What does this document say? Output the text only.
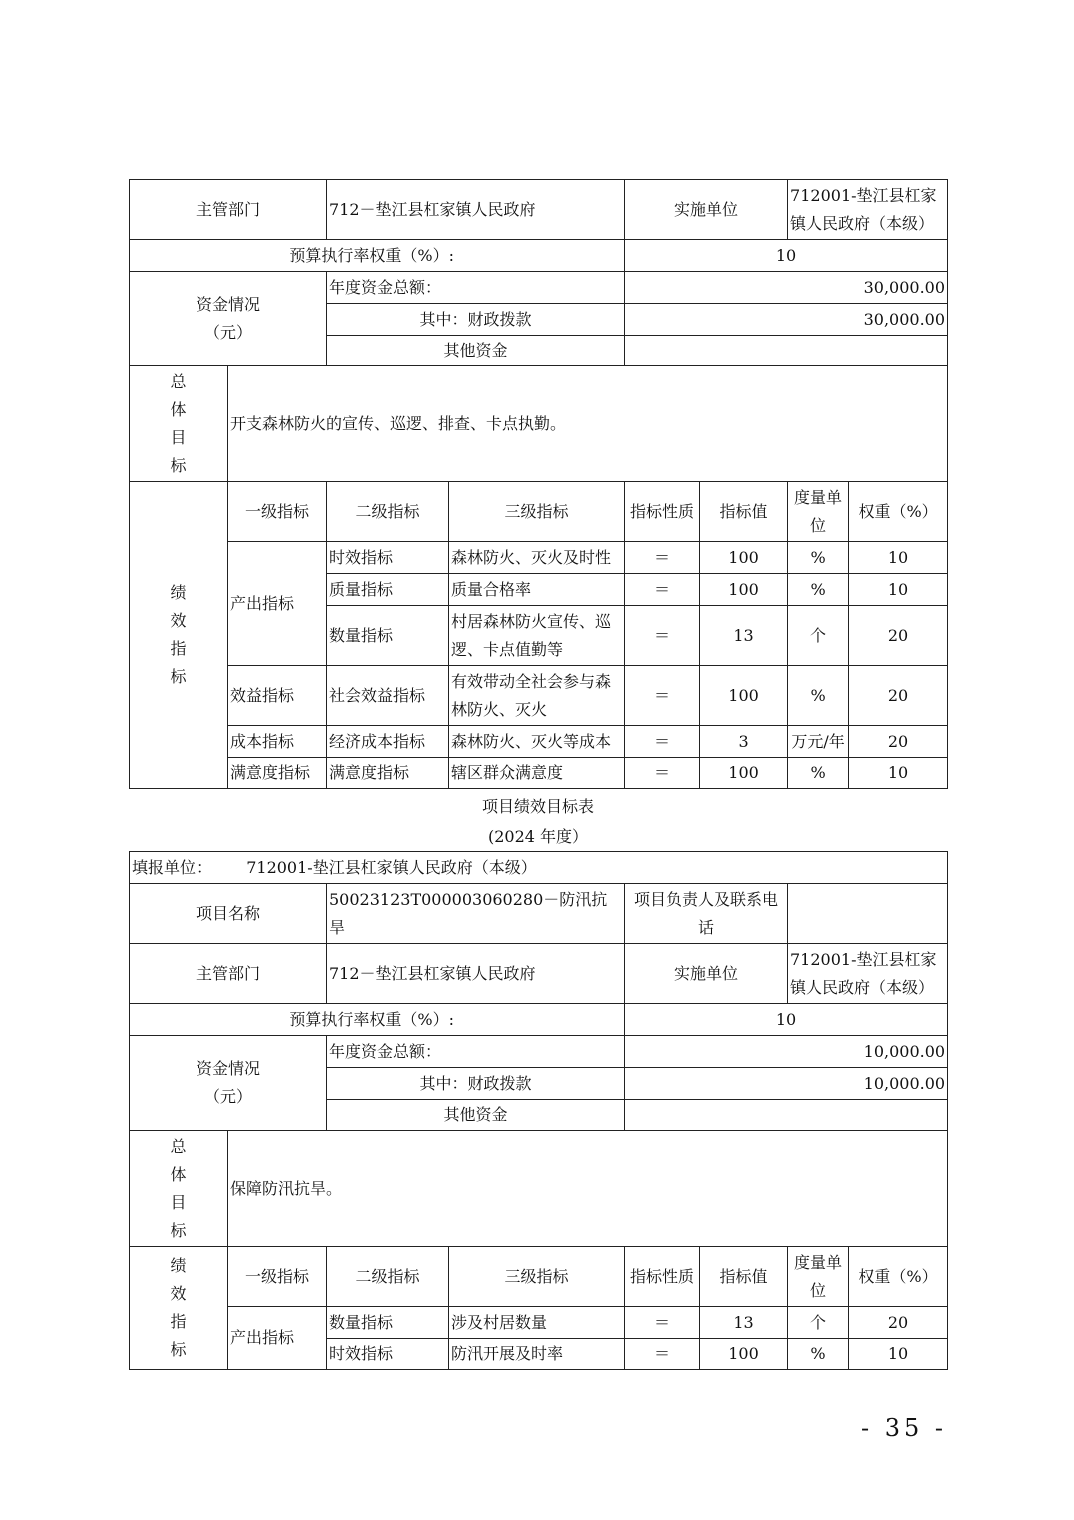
主管部门		712－垫江县杠家镇人民政府		实施单位		712001-垫江县杠家镇人民政府（本级）	
预算执行率权重（%）:				10			

资金情况
（元）		年度资金总额：		30,000.00			
		其中：财政拨款		30,000.00			
		其他资金					

总
体
目
标	开支森林防火的宣传、巡逻、排查、卡点执勤。						

绩
效
指
标	一级指标	二级指标	三级指标	指标性质	指标值	度量单位	权重（%）
	产出指标	时效指标	森林防火、灭火及时性	＝	100	%	10
		质量指标	质量合格率	＝	100	%	10
		数量指标	村居森林防火宣传、巡逻、卡点值勤等	＝	13	个	20
	效益指标	社会效益指标	有效带动全社会参与森林防火、灭火	＝	100	%	20
	成本指标	经济成本指标	森林防火、灭火等成本	＝	3	万元/年	20
	满意度指标	满意度指标	辖区群众满意度	＝	100	%	10
项目绩效目标表
(2024 年度）
填报单位： 712001-垫江县杠家镇人民政府（本级）							
项目名称		50023123T000003060280－防汛抗旱		项目负责人及联系电话			
主管部门		712－垫江县杠家镇人民政府		实施单位		712001-垫江县杠家镇人民政府（本级）	
预算执行率权重（%）:				10			

资金情况
（元）		年度资金总额：		10,000.00			
		其中：财政拨款		10,000.00			
		其他资金					

总
体
目
标	保障防汛抗旱。						

绩
效
指
标	一级指标	二级指标	三级指标	指标性质	指标值	度量单位	权重（%）
	产出指标	数量指标	涉及村居数量	＝	13	个	20
		时效指标	防汛开展及时率	＝	100	%	10
- 35 -
